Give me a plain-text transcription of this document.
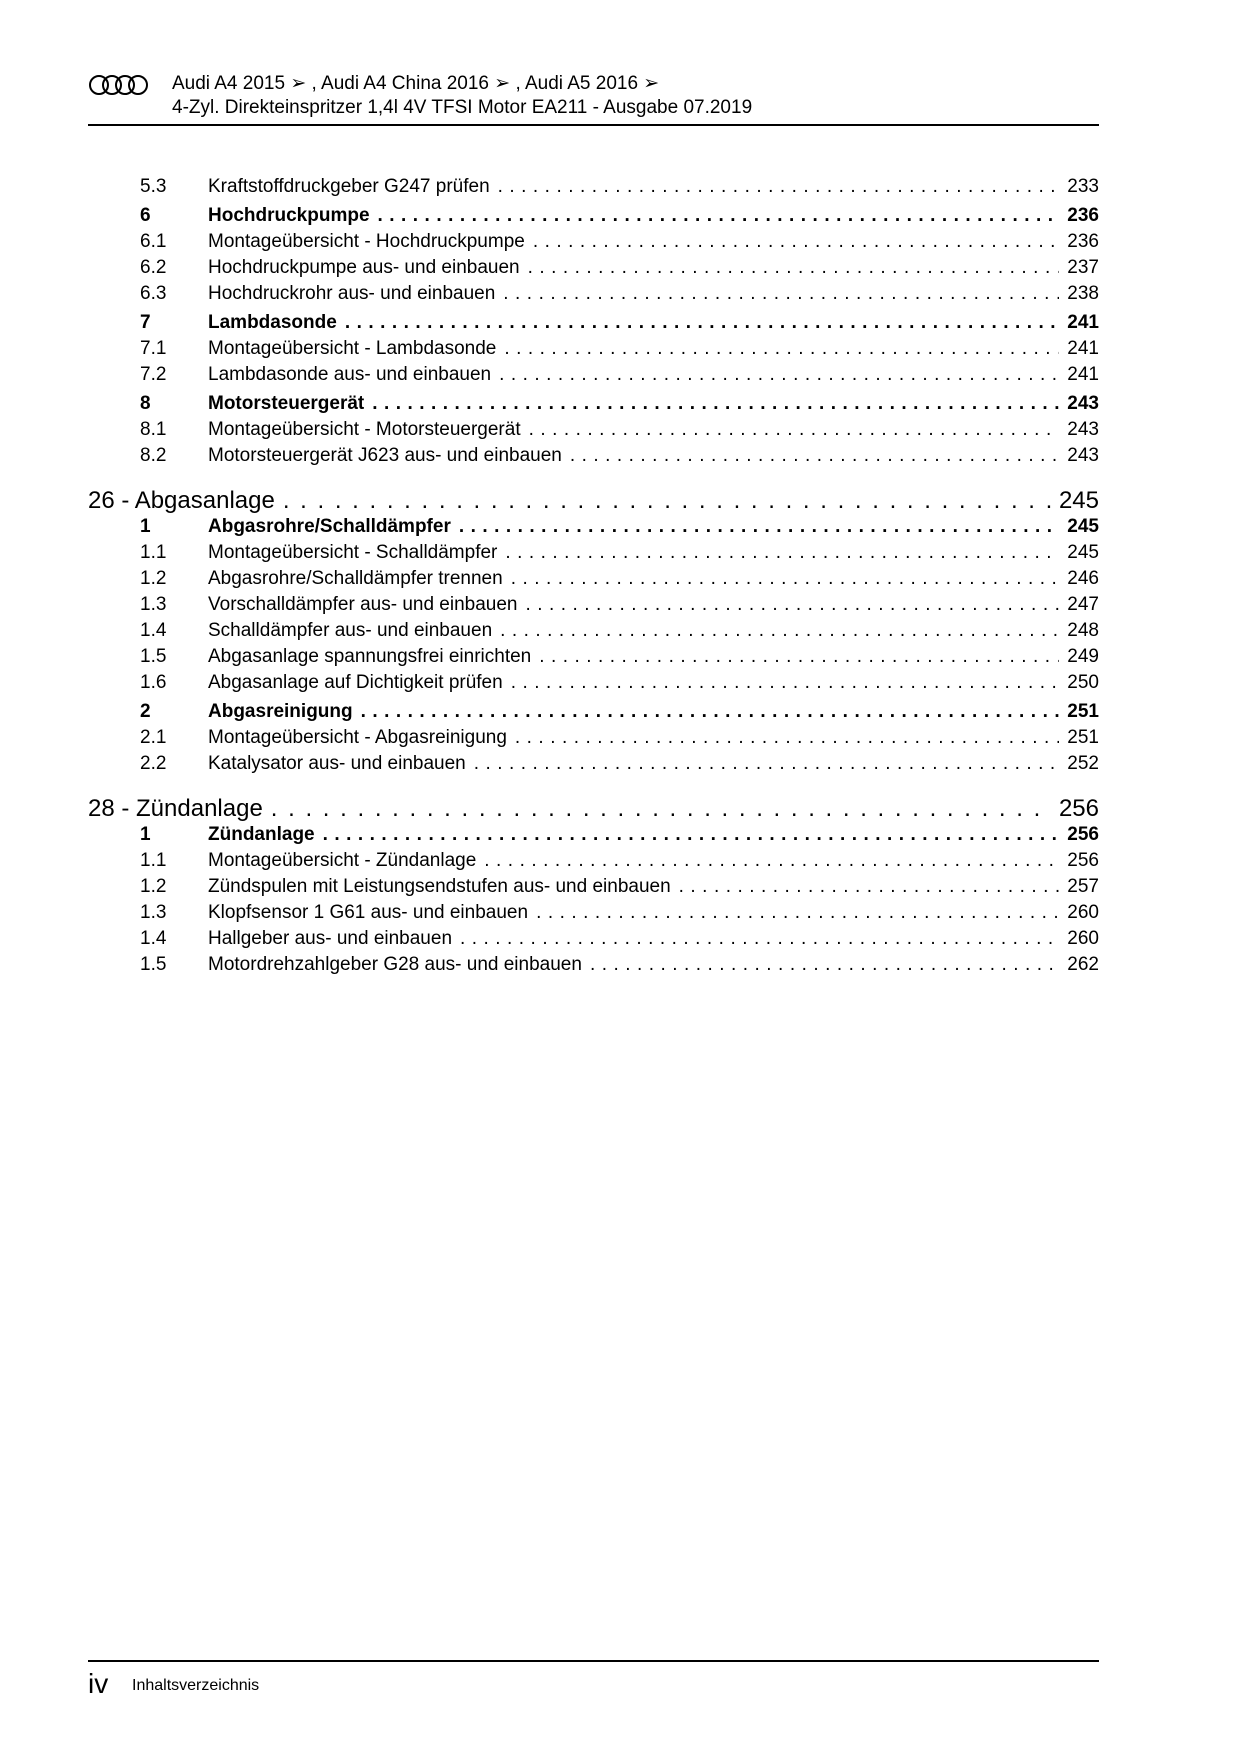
Audi A4 2015 ➢ , Audi A4 China 2016 ➢ , Audi A5 2016 ➢
4-Zyl. Direkteinspritzer 1,4l 4V TFSI Motor EA211 - Ausgabe 07.2019
5.3	Kraftstoffdruckgeber G247 prüfen . . .	233
6	Hochdruckpumpe . . .	236
6.1	Montageübersicht - Hochdruckpumpe . . .	236
6.2	Hochdruckpumpe aus- und einbauen . . .	237
6.3	Hochdruckrohr aus- und einbauen . . .	238
7	Lambdasonde . . .	241
7.1	Montageübersicht - Lambdasonde . . .	241
7.2	Lambdasonde aus- und einbauen . . .	241
8	Motorsteuergerät . . .	243
8.1	Montageübersicht - Motorsteuergerät . . .	243
8.2	Motorsteuergerät J623 aus- und einbauen . . .	243
26 - Abgasanlage . . .	245
1	Abgasrohre/Schalldämpfer . . .	245
1.1	Montageübersicht - Schalldämpfer . . .	245
1.2	Abgasrohre/Schalldämpfer trennen . . .	246
1.3	Vorschalldämpfer aus- und einbauen . . .	247
1.4	Schalldämpfer aus- und einbauen . . .	248
1.5	Abgasanlage spannungsfrei einrichten . . .	249
1.6	Abgasanlage auf Dichtigkeit prüfen . . .	250
2	Abgasreinigung . . .	251
2.1	Montageübersicht - Abgasreinigung . . .	251
2.2	Katalysator aus- und einbauen . . .	252
28 - Zündanlage . . .	256
1	Zündanlage . . .	256
1.1	Montageübersicht - Zündanlage . . .	256
1.2	Zündspulen mit Leistungsendstufen aus- und einbauen . . .	257
1.3	Klopfsensor 1 G61 aus- und einbauen . . .	260
1.4	Hallgeber aus- und einbauen . . .	260
1.5	Motordrehzahlgeber G28 aus- und einbauen . . .	262
iv Inhaltsverzeichnis
